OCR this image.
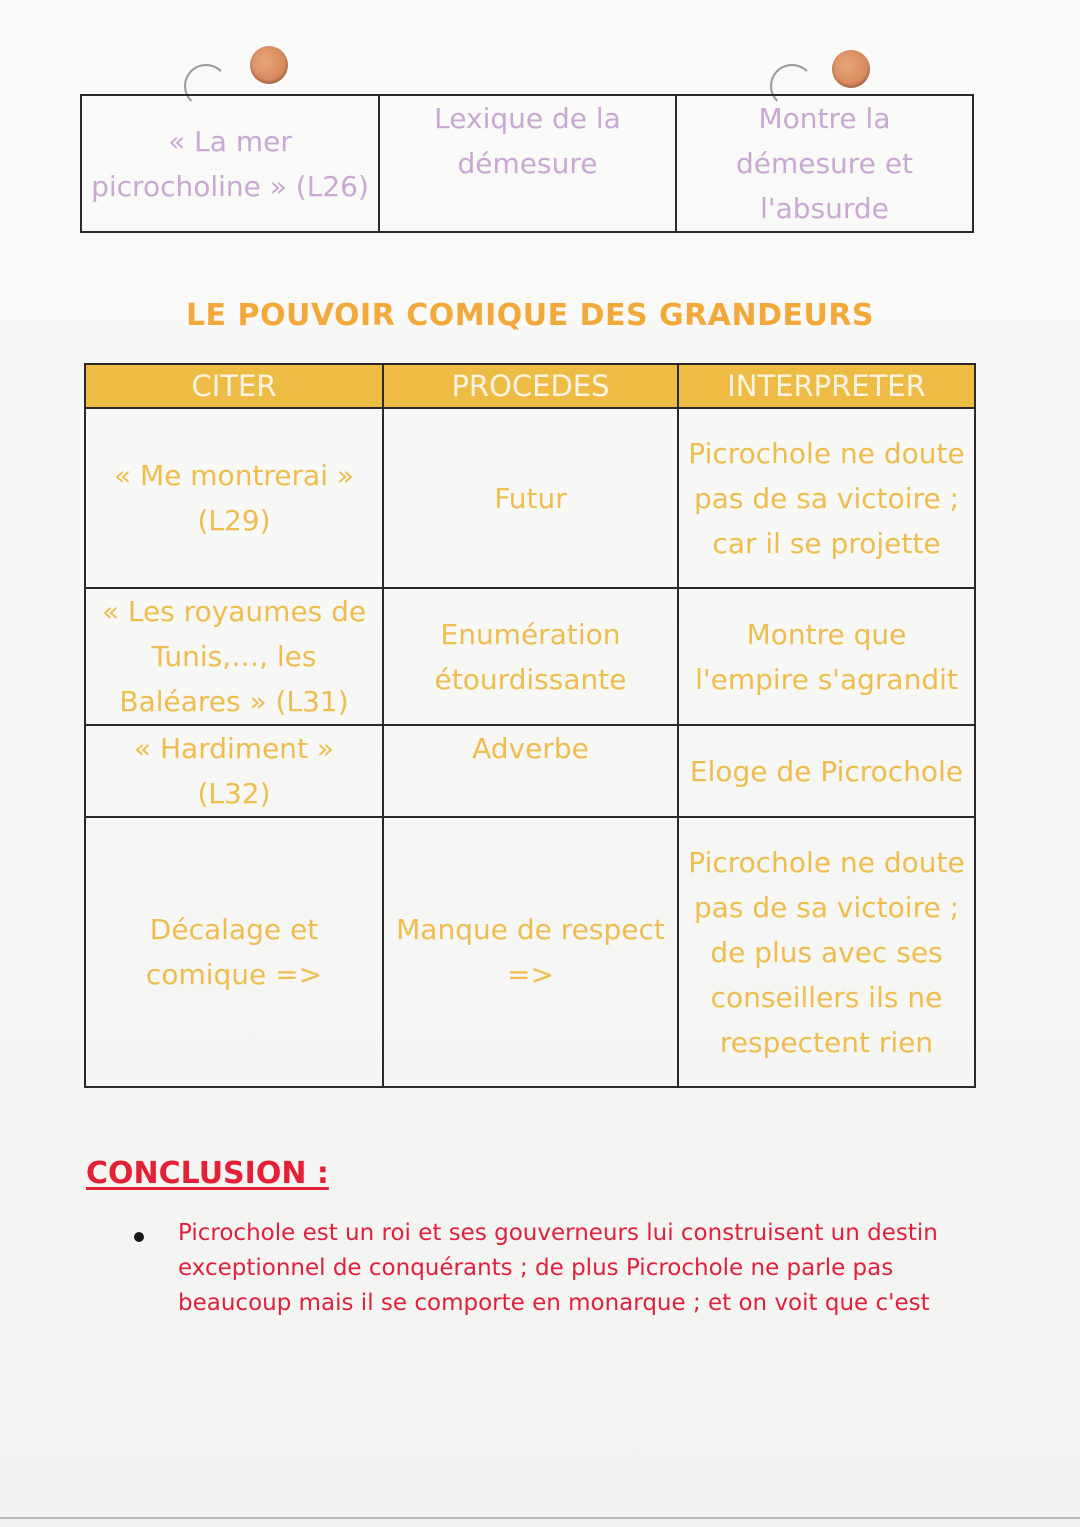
« La mer picrocholine » (L26)	Lexique de la démesure	Montre la démesure et l'absurde
LE POUVOIR COMIQUE DES GRANDEURS
CITER	PROCEDES	INTERPRETER
« Me montrerai » (L29)	Futur	Picrochole ne doute pas de sa victoire ; car il se projette
« Les royaumes de Tunis,…, les Baléares » (L31)	Enumération étourdissante	Montre que l'empire s'agrandit
« Hardiment » (L32)	Adverbe	Eloge de Picrochole
Décalage et comique =>	Manque de respect =>	Picrochole ne doute pas de sa victoire ; de plus avec ses conseillers ils ne respectent rien
CONCLUSION :
Picrochole est un roi et ses gouverneurs lui construisent un destin exceptionnel de conquérants ; de plus Picrochole ne parle pas beaucoup mais il se comporte en monarque ; et on voit que c'est
